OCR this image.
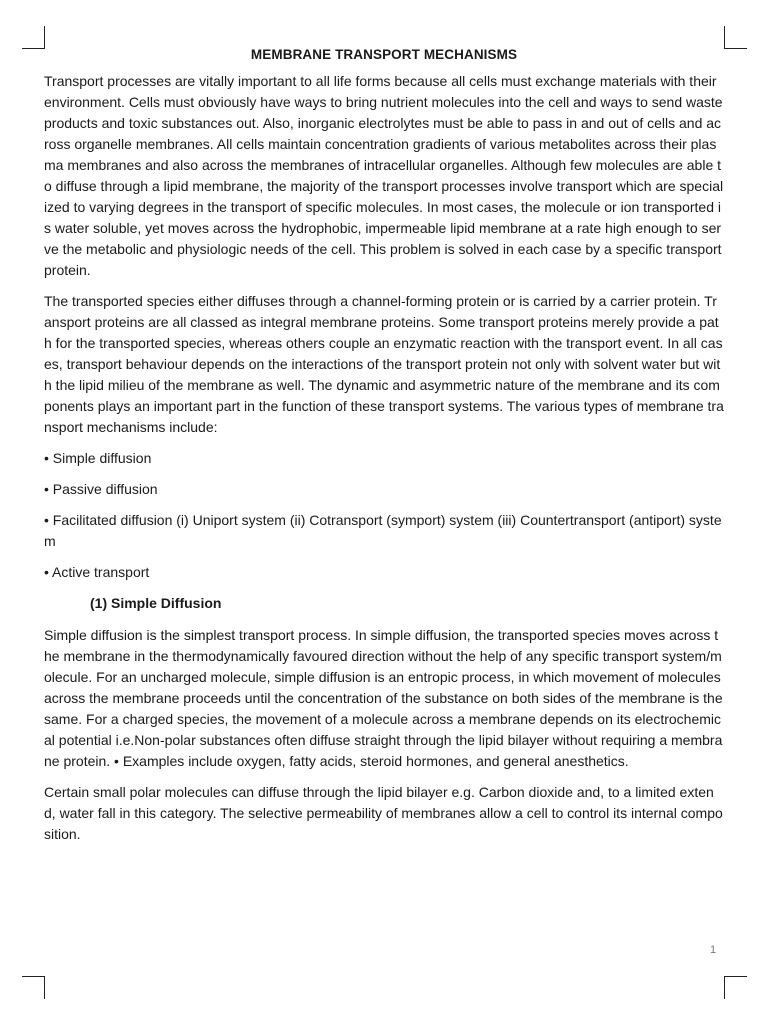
MEMBRANE TRANSPORT MECHANISMS

Transport processes are vitally important to all life forms because all cells must exchange materials with their environment. Cells must obviously have ways to bring nutrient molecules into the cell and ways to send waste products and toxic substances out. Also, inorganic electrolytes must be able to pass in and out of cells and across organelle membranes. All cells maintain concentration gradients of various metabolites across their plasma membranes and also across the membranes of intracellular organelles. Although few molecules are able to diffuse through a lipid membrane, the majority of the transport processes involve transport which are specialized to varying degrees in the transport of specific molecules. In most cases, the molecule or ion transported is water soluble, yet moves across the hydrophobic, impermeable lipid membrane at a rate high enough to serve the metabolic and physiologic needs of the cell. This problem is solved in each case by a specific transport protein.

The transported species either diffuses through a channel-forming protein or is carried by a carrier protein. Transport proteins are all classed as integral membrane proteins. Some transport proteins merely provide a path for the transported species, whereas others couple an enzymatic reaction with the transport event. In all cases, transport behaviour depends on the interactions of the transport protein not only with solvent water but with the lipid milieu of the membrane as well. The dynamic and asymmetric nature of the membrane and its components plays an important part in the function of these transport systems. The various types of membrane transport mechanisms include:

• Simple diffusion
• Passive diffusion
• Facilitated diffusion (i) Uniport system (ii) Cotransport (symport) system (iii) Countertransport (antiport) system
• Active transport
(1) Simple Diffusion

Simple diffusion is the simplest transport process. In simple diffusion, the transported species moves across the membrane in the thermodynamically favoured direction without the help of any specific transport system/molecule. For an uncharged molecule, simple diffusion is an entropic process, in which movement of molecules across the membrane proceeds until the concentration of the substance on both sides of the membrane is the same. For a charged species, the movement of a molecule across a membrane depends on its electrochemical potential i.e.Non-polar substances often diffuse straight through the lipid bilayer without requiring a membrane protein. • Examples include oxygen, fatty acids, steroid hormones, and general anesthetics.

Certain small polar molecules can diffuse through the lipid bilayer e.g. Carbon dioxide and, to a limited extend, water fall in this category. The selective permeability of membranes allow a cell to control its internal composition.

1
